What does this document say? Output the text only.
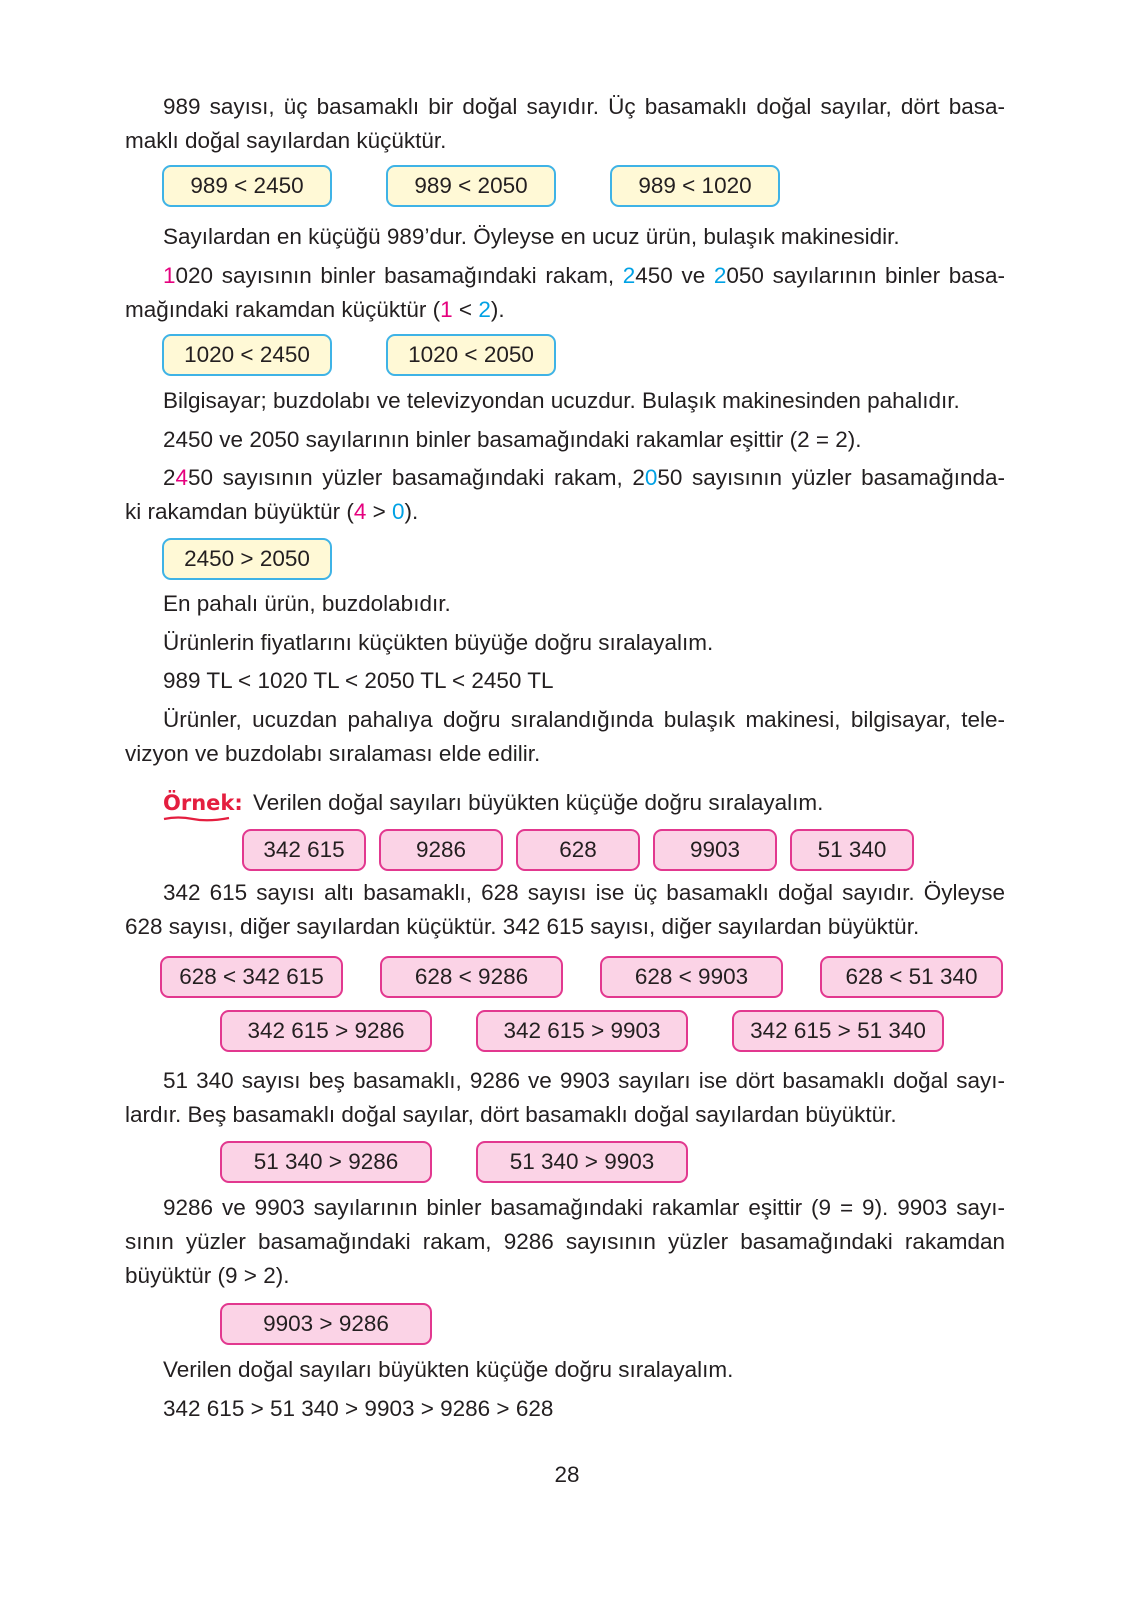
989 sayısı, üç basamaklı bir doğal sayıdır. Üç basamaklı doğal sayılar, dört basa-
maklı doğal sayılardan küçüktür.
989 < 2450	989 < 2050	989 < 1020
Sayılardan en küçüğü 989’dur. Öyleyse en ucuz ürün, bulaşık makinesidir.
1020 sayısının binler basamağındaki rakam, 2450 ve 2050 sayılarının binler basa-
mağındaki rakamdan küçüktür (1 < 2).
1020 < 2450	1020 < 2050
Bilgisayar; buzdolabı ve televizyondan ucuzdur. Bulaşık makinesinden pahalıdır.
2450 ve 2050 sayılarının binler basamağındaki rakamlar eşittir (2 = 2).
2450 sayısının yüzler basamağındaki rakam, 2050 sayısının yüzler basamağında-
ki rakamdan büyüktür (4 > 0).
2450 > 2050
En pahalı ürün, buzdolabıdır.
Ürünlerin fiyatlarını küçükten büyüğe doğru sıralayalım.
989 TL < 1020 TL < 2050 TL < 2450 TL
Ürünler, ucuzdan pahalıya doğru sıralandığında bulaşık makinesi, bilgisayar, tele-
vizyon ve buzdolabı sıralaması elde edilir.
Örnek: Verilen doğal sayıları büyükten küçüğe doğru sıralayalım.
342 615	9286	628	9903	51 340
342 615 sayısı altı basamaklı, 628 sayısı ise üç basamaklı doğal sayıdır. Öyleyse
628 sayısı, diğer sayılardan küçüktür. 342 615 sayısı, diğer sayılardan büyüktür.
628 < 342 615	628 < 9286	628 < 9903	628 < 51 340
342 615 > 9286	342 615 > 9903	342 615 > 51 340
51 340 sayısı beş basamaklı, 9286 ve 9903 sayıları ise dört basamaklı doğal sayı-
lardır. Beş basamaklı doğal sayılar, dört basamaklı doğal sayılardan büyüktür.
51 340 > 9286	51 340 > 9903
9286 ve 9903 sayılarının binler basamağındaki rakamlar eşittir (9 = 9). 9903 sayı-
sının yüzler basamağındaki rakam, 9286 sayısının yüzler basamağındaki rakamdan
büyüktür (9 > 2).
9903 > 9286
Verilen doğal sayıları büyükten küçüğe doğru sıralayalım.
342 615 > 51 340 > 9903 > 9286 > 628
28
